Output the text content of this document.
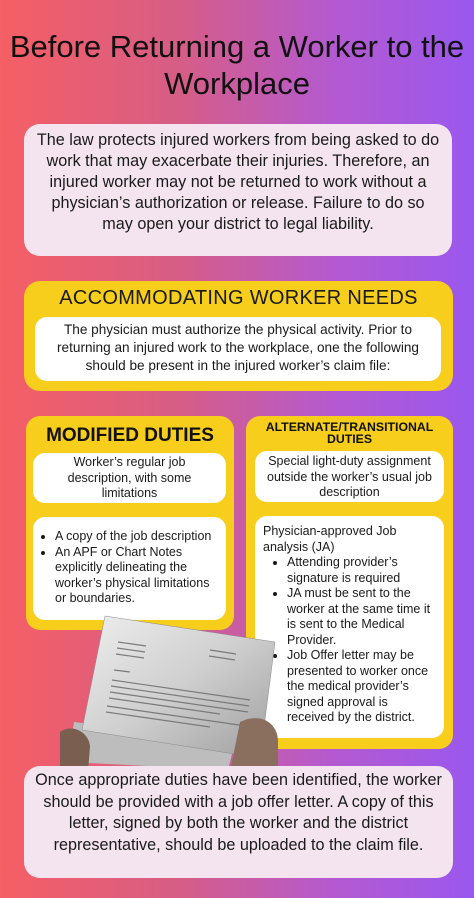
Before Returning a Worker to the Workplace
The law protects injured workers from being asked to do work that may exacerbate their injuries. Therefore, an injured worker may not be returned to work without a physician’s authorization or release. Failure to do so may open your district to legal liability.
ACCOMMODATING WORKER NEEDS
The physician must authorize the physical activity. Prior to returning an injured work to the workplace, one the following should be present in the injured worker’s claim file:
MODIFIED DUTIES
Worker’s regular job description, with some limitations
• A copy of the job description
• An APF or Chart Notes explicitly delineating the worker’s physical limitations or boundaries.
ALTERNATE/TRANSITIONAL DUTIES
Special light-duty assignment outside the worker’s usual job description
Physician-approved Job analysis (JA)
• Attending provider’s signature is required
• JA must be sent to the worker at the same time it is sent to the Medical Provider.
• Job Offer letter may be presented to worker once the medical provider’s signed approval is received by the district.
Once appropriate duties have been identified, the worker should be provided with a job offer letter. A copy of this letter, signed by both the worker and the district representative, should be uploaded to the claim file.
